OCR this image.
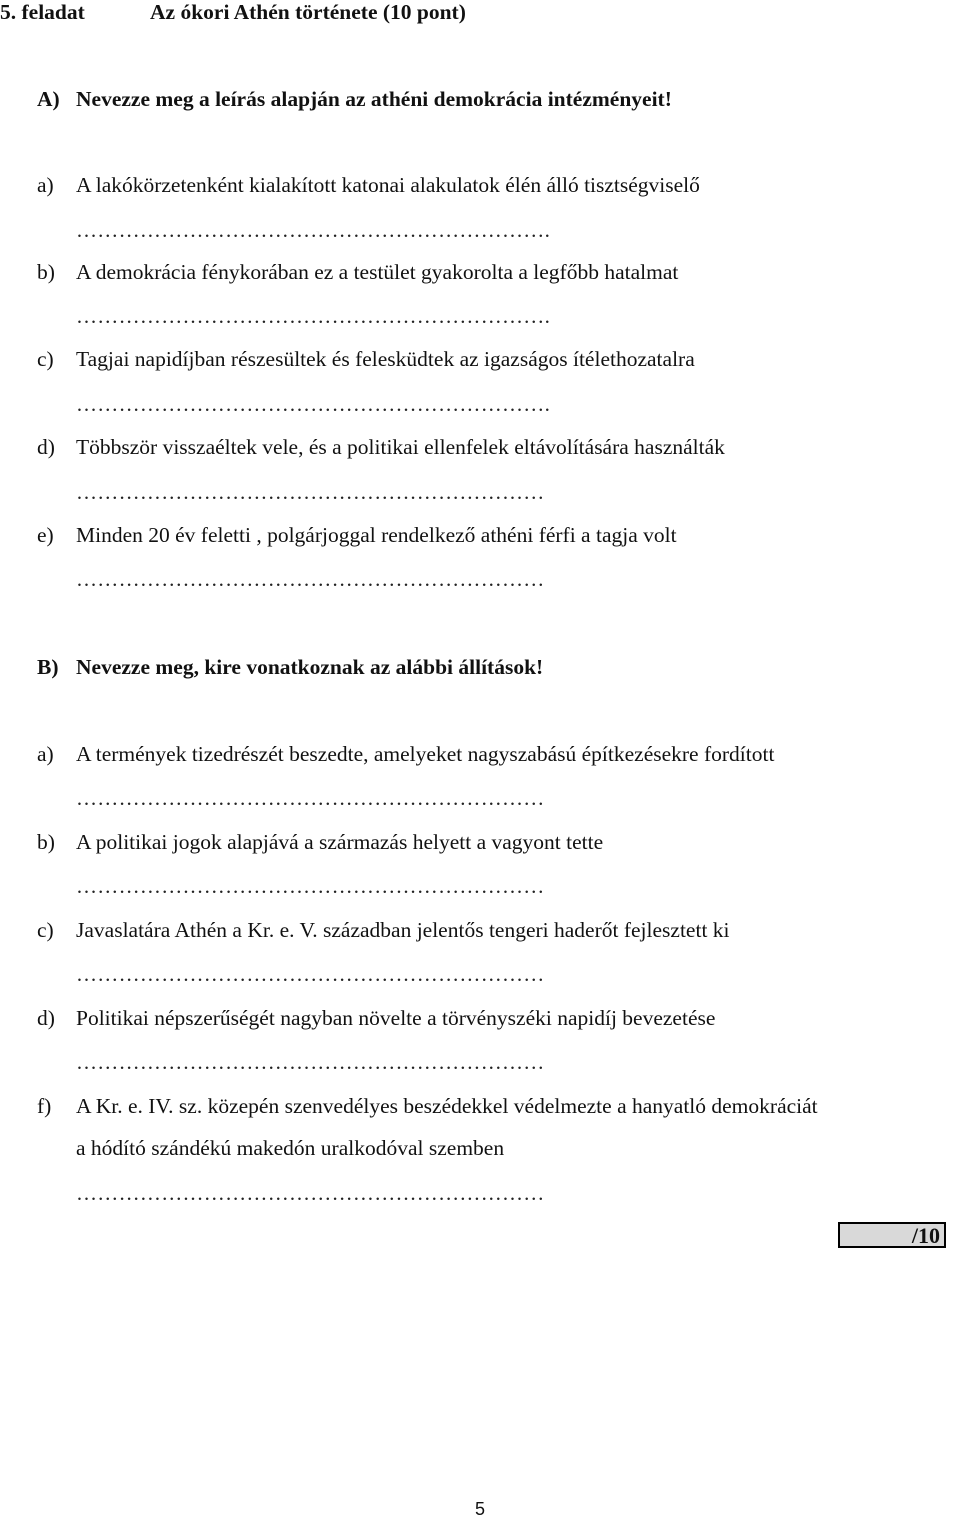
5. feladat	Az ókori Athén története (10 pont)
A) Nevezze meg a leírás alapján az athéni demokrácia intézményeit!
a) A lakókörzetenként kialakított katonai alakulatok élén álló tisztségviselő
………………………………………………………….
b) A demokrácia fénykorában ez a testület gyakorolta a legfőbb hatalmat
………………………………………………………….
c) Tagjai napidíjban részesültek és felesküdtek az igazságos ítélethozatalra
………………………………………………………….
d) Többször visszaéltek vele, és a politikai ellenfelek eltávolítására használták
…………………………………………………………
e) Minden 20 év feletti , polgárjoggal rendelkező athéni férfi a tagja volt
…………………………………………………………
B) Nevezze meg, kire vonatkoznak az alábbi állítások!
a) A termények tizedrészét beszedte, amelyeket nagyszabású építkezésekre fordított
…………………………………………………………
b) A politikai jogok alapjává a származás helyett a vagyont tette
…………………………………………………………
c) Javaslatára Athén a Kr. e. V. században jelentős tengeri haderőt fejlesztett ki
…………………………………………………………
d) Politikai népszerűségét nagyban növelte a törvényszéki napidíj bevezetése
…………………………………………………………
f) A Kr. e. IV. sz. közepén szenvedélyes beszédekkel védelmezte a hanyatló demokráciát
a hódító szándékú makedón uralkodóval szemben
…………………………………………………………
/10
5
